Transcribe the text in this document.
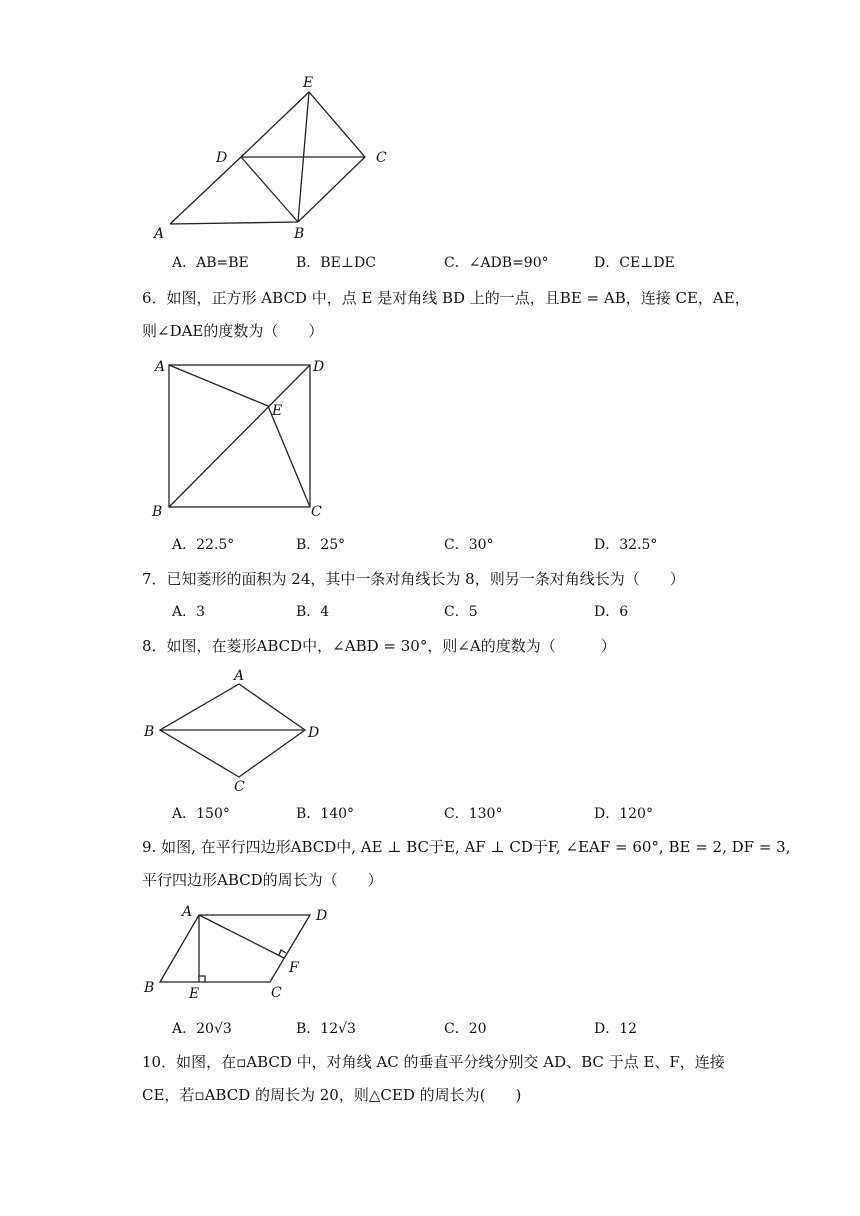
E
D	C
A	B
A．AB=BE	B．BE⊥DC	C．∠ADB=90°	D．CE⊥DE
6．如图，正方形 ABCD 中，点 E 是对角线 BD 上的一点，且BE = AB，连接 CE，AE，
则∠DAE的度数为（　　）
A	D
E
B	C
A．22.5°	B．25°	C．30°	D．32.5°
7．已知菱形的面积为 24，其中一条对角线长为 8，则另一条对角线长为（　　）
A．3	B．4	C．5	D．6
8．如图，在菱形ABCD中，∠ABD = 30°，则∠A的度数为（　　　）
A
B	D
C
A．150°	B．140°	C．130°	D．120°
9. 如图, 在平行四边形ABCD中, AE ⊥ BC于E, AF ⊥ CD于F, ∠EAF = 60°, BE = 2, DF = 3,
平行四边形ABCD的周长为（　　）
A	D
F
B E	C
A．20√3	B．12√3	C．20	D．12
10．如图，在▫ABCD 中，对角线 AC 的垂直平分线分别交 AD、BC 于点 E、F，连接
CE，若▫ABCD 的周长为 20，则△CED 的周长为(　　)
